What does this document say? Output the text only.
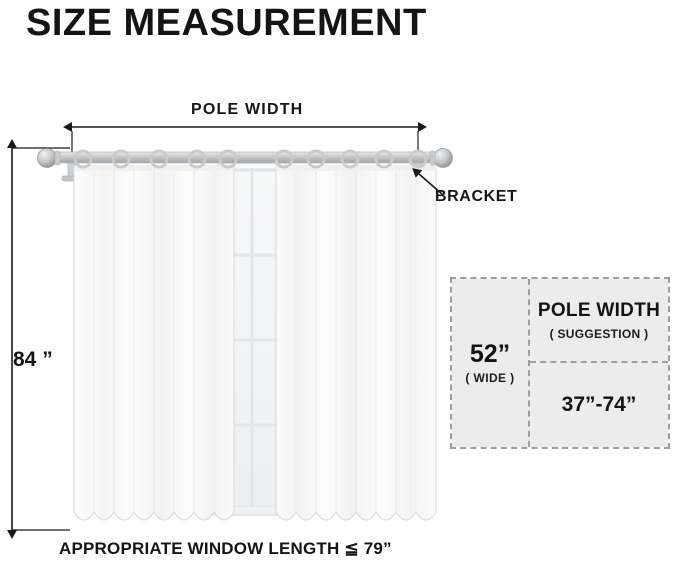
SIZE MEASUREMENT
POLE WIDTH
84 ”
BRACKET
APPROPRIATE WINDOW LENGTH ≦ 79”
52”
( WIDE )
POLE WIDTH
( SUGGESTION )
37”-74”
